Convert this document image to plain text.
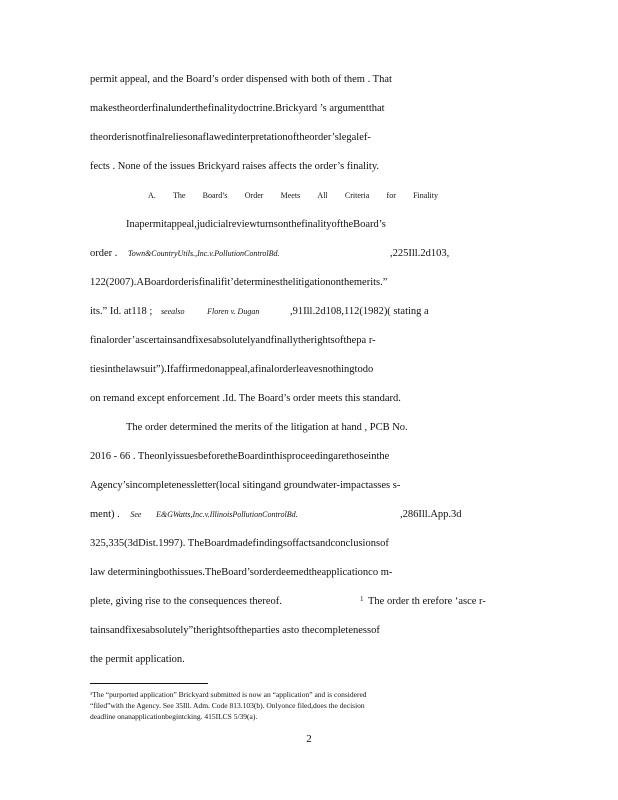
permit appeal, and the Board’s order dispensed with both of them . That
makestheorderfinalunderthefinalitydoctrine.Brickyard ’s argumentthat
theorderisnotfinalreliesonaflawedinterpretationoftheorder’slegalef-
fects . None of the issues Brickyard raises affects the order’s finality.
A. The Board’s Order Meets All Criteria for Finality
Inapermitappeal,judicialreviewturnsonthefinalityoftheBoard’s
order . Town&CountryUtils.,Inc.v.PollutionControlBd.	,225Ill.2d103,
122(2007).ABoardorderisfinalifit’determinesthelitigationonthemerits.”
its.” Id. at118 ; seealso	Floren v. Dugan	,91Ill.2d108,112(1982)( stating a
finalorder’ascertainsandfixesabsolutelyandfinallytherightsofthepa r-
tiesinthelawsuit”).Ifaffirmedonappeal,afinalorderleavesnothingtodo
on remand except enforcement .Id. The Board’s order meets this standard.
The order determined the merits of the litigation at hand , PCB No.
2016 - 66 . TheonlyissuesbeforetheBoardinthisproceedingarethoseinthe
Agency’sincompletenessletter(local sitingand groundwater-impactasses s-
ment) . See E&GWatts,Inc.v.IllinoisPollutionControlBd.	,286Ill.App.3d
325,335(3dDist.1997). TheBoardmadefindingsoffactsandconclusionsof
law determiningbothissues.TheBoard’sorderdeemedtheapplicationco m-
plete, giving rise to the consequences thereof.	1 The order th erefore ‘asce r-
tainsandfixesabsolutely”therightsoftheparties asto thecompletenessof
the permit application.
¹The “purported application” Brickyard submitted is now an “application” and is considered
“filed”with the Agency. See 35Ill. Adm. Code 813.103(b). Onlyonce filed,does the decision
deadline onanapplicationbegintcking. 415ILCS 5/39(a).
2
